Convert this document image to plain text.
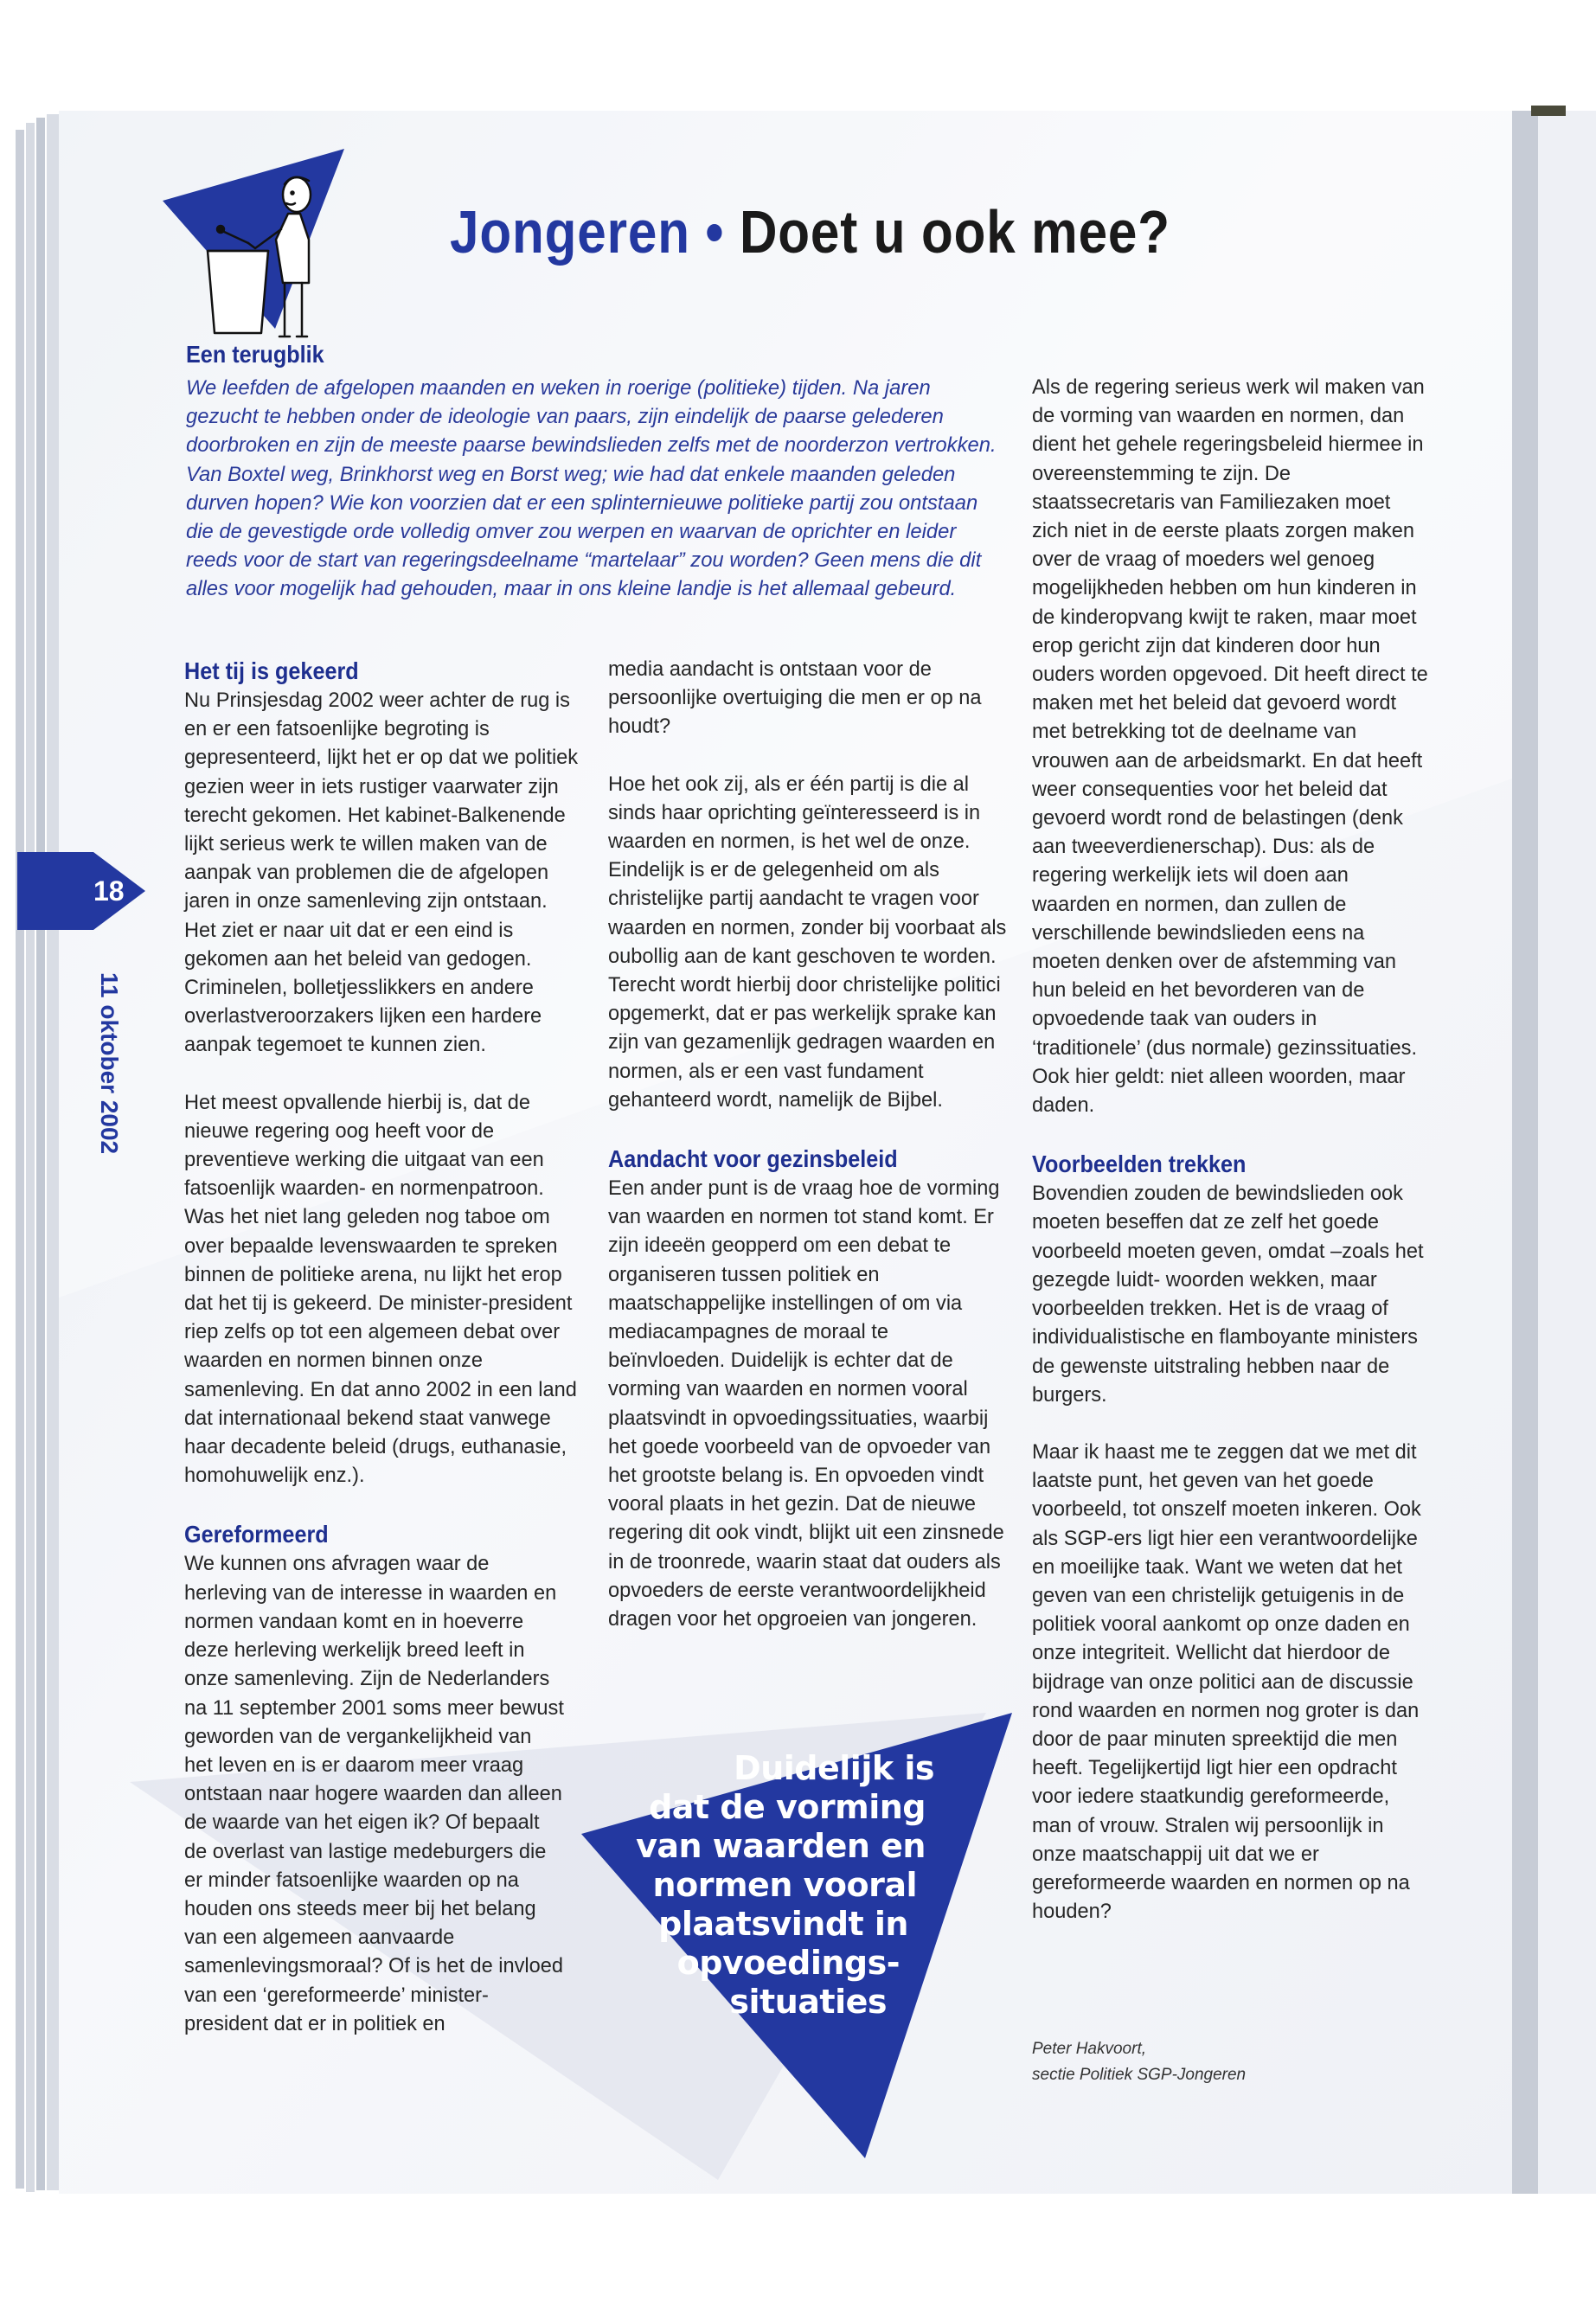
Jongeren • Doet u ook mee?
Een terugblik

We leefden de afgelopen maanden en weken in roerige (politieke) tijden. Na jaren gezucht te hebben onder de ideologie van paars, zijn eindelijk de paarse gelederen doorbroken en zijn de meeste paarse bewindslieden zelfs met de noorderzon vertrokken. Van Boxtel weg, Brinkhorst weg en Borst weg; wie had dat enkele maanden geleden durven hopen? Wie kon voorzien dat er een splinternieuwe politieke partij zou ontstaan die de gevestigde orde volledig omver zou werpen en waarvan de oprichter en leider reeds voor de start van regeringsdeelname “martelaar” zou worden? Geen mens die dit alles voor mogelijk had gehouden, maar in ons kleine landje is het allemaal gebeurd.

Het tij is gekeerd

Nu Prinsjesdag 2002 weer achter de rug is en er een fatsoenlijke begroting is gepresenteerd, lijkt het er op dat we politiek gezien weer in iets rustiger vaarwater zijn terecht gekomen. Het kabinet-Balkenende lijkt serieus werk te willen maken van de aanpak van problemen die de afgelopen jaren in onze samenleving zijn ontstaan. Het ziet er naar uit dat er een eind is gekomen aan het beleid van gedogen. Criminelen, bolletjesslikkers en andere overlastveroorzakers lijken een hardere aanpak tegemoet te kunnen zien.

Het meest opvallende hierbij is, dat de nieuwe regering oog heeft voor de preventieve werking die uitgaat van een fatsoenlijk waarden- en normenpatroon. Was het niet lang geleden nog taboe om over bepaalde levenswaarden te spreken binnen de politieke arena, nu lijkt het erop dat het tij is gekeerd. De minister-president riep zelfs op tot een algemeen debat over waarden en normen binnen onze samenleving. En dat anno 2002 in een land dat internationaal bekend staat vanwege haar decadente beleid (drugs, euthanasie, homohuwelijk enz.).

Gereformeerd

We kunnen ons afvragen waar de herleving van de interesse in waarden en normen vandaan komt en in hoeverre deze herleving werkelijk breed leeft in onze samenleving. Zijn de Nederlanders na 11 september 2001 soms meer bewust geworden van de vergankelijkheid van het leven en is er daarom meer vraag ontstaan naar hogere waarden dan alleen de waarde van het eigen ik? Of bepaalt de overlast van lastige medeburgers die er minder fatsoenlijke waarden op na houden ons steeds meer bij het belang van een algemeen aanvaarde samenlevingsmoraal? Of is het de invloed van een ‘gereformeerde’ minister-president dat er in politiek en

media aandacht is ontstaan voor de persoonlijke overtuiging die men er op na houdt?

Hoe het ook zij, als er één partij is die al sinds haar oprichting geïnteresseerd is in waarden en normen, is het wel de onze. Eindelijk is er de gelegenheid om als christelijke partij aandacht te vragen voor waarden en normen, zonder bij voorbaat als oubollig aan de kant geschoven te worden. Terecht wordt hierbij door christelijke politici opgemerkt, dat er pas werkelijk sprake kan zijn van gezamenlijk gedragen waarden en normen, als er een vast fundament gehanteerd wordt, namelijk de Bijbel.

Aandacht voor gezinsbeleid

Een ander punt is de vraag hoe de vorming van waarden en normen tot stand komt. Er zijn ideeën geopperd om een debat te organiseren tussen politiek en maatschappelijke instellingen of om via mediacampagnes de moraal te beïnvloeden. Duidelijk is echter dat de vorming van waarden en normen vooral plaatsvindt in opvoedingssituaties, waarbij het goede voorbeeld van de opvoeder van het grootste belang is. En opvoeden vindt vooral plaats in het gezin. Dat de nieuwe regering dit ook vindt, blijkt uit een zinsnede in de troonrede, waarin staat dat ouders als opvoeders de eerste verantwoordelijkheid dragen voor het opgroeien van jongeren.

Als de regering serieus werk wil maken van de vorming van waarden en normen, dan dient het gehele regeringsbeleid hiermee in overeenstemming te zijn. De staatssecretaris van Familiezaken moet zich niet in de eerste plaats zorgen maken over de vraag of moeders wel genoeg mogelijkheden hebben om hun kinderen in de kinderopvang kwijt te raken, maar moet erop gericht zijn dat kinderen door hun ouders worden opgevoed. Dit heeft direct te maken met het beleid dat gevoerd wordt met betrekking tot de deelname van vrouwen aan de arbeidsmarkt. En dat heeft weer consequenties voor het beleid dat gevoerd wordt rond de belastingen (denk aan tweeverdienerschap). Dus: als de regering werkelijk iets wil doen aan waarden en normen, dan zullen de verschillende bewindslieden eens na moeten denken over de afstemming van hun beleid en het bevorderen van de opvoedende taak van ouders in ‘traditionele’ (dus normale) gezinssituaties. Ook hier geldt: niet alleen woorden, maar daden.

Voorbeelden trekken

Bovendien zouden de bewindslieden ook moeten beseffen dat ze zelf het goede voorbeeld moeten geven, omdat –zoals het gezegde luidt- woorden wekken, maar voorbeelden trekken. Het is de vraag of individualistische en flamboyante ministers de gewenste uitstraling hebben naar de burgers.

Maar ik haast me te zeggen dat we met dit laatste punt, het geven van het goede voorbeeld, tot onszelf moeten inkeren. Ook als SGP-ers ligt hier een verantwoordelijke en moeilijke taak. Want we weten dat het geven van een christelijk getuigenis in de politiek vooral aankomt op onze daden en onze integriteit. Wellicht dat hierdoor de bijdrage van onze politici aan de discussie rond waarden en normen nog groter is dan door de paar minuten spreektijd die men heeft. Tegelijkertijd ligt hier een opdracht voor iedere staatkundig gereformeerde, man of vrouw. Stralen wij persoonlijk in onze maatschappij uit dat we er gereformeerde waarden en normen op na houden?

Duidelijk is
dat de vorming
van waarden en
normen vooral
plaatsvindt in
opvoedings-
situaties
18
11 oktober 2002
Peter Hakvoort,
sectie Politiek SGP-Jongeren
